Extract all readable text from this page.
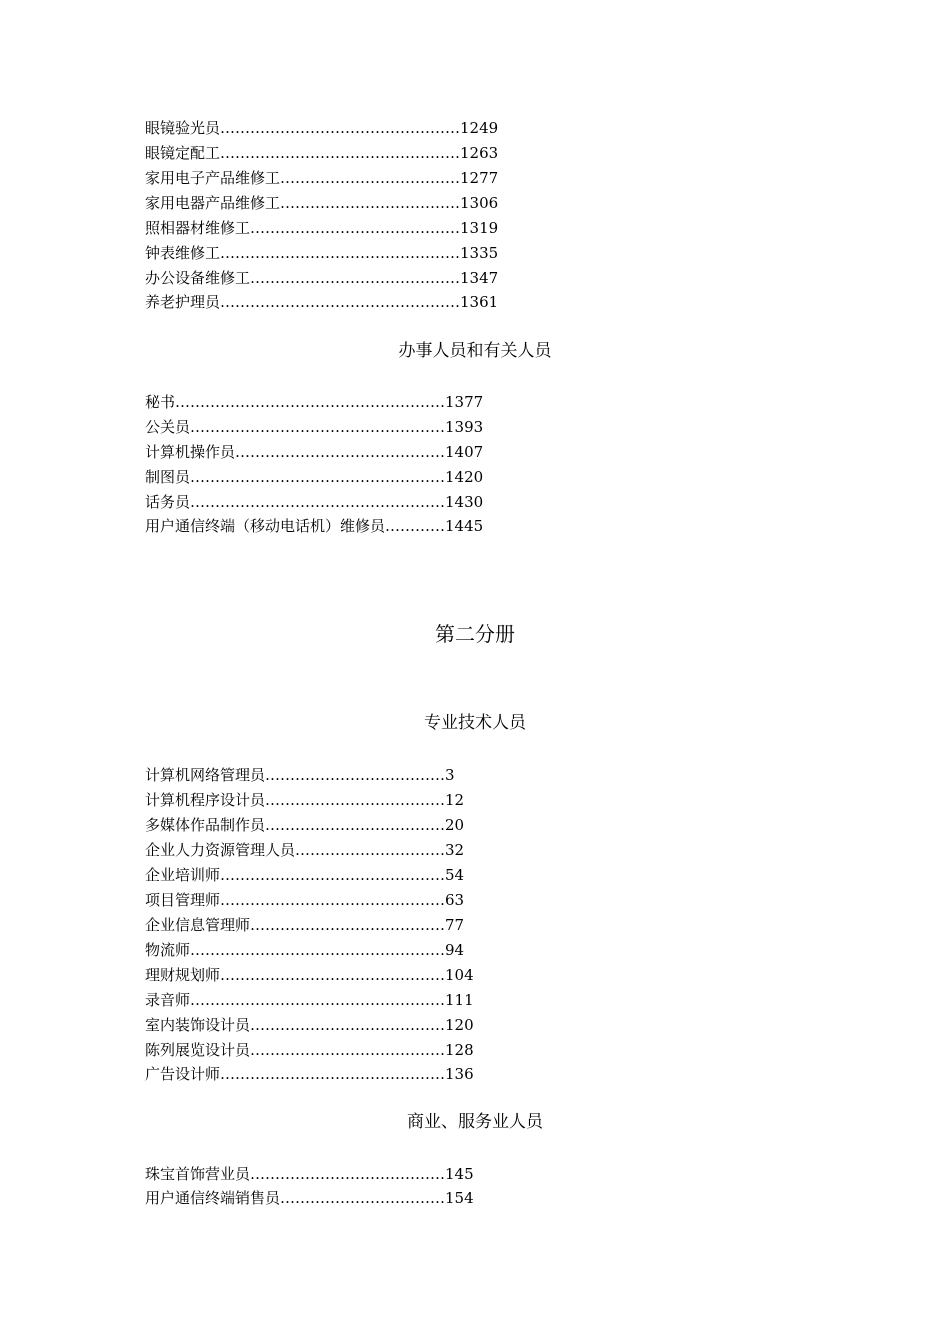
眼镜验光员…………………………………………1249
眼镜定配工…………………………………………1263
家用电子产品维修工………………………………1277
家用电器产品维修工………………………………1306
照相器材维修工……………………………………1319
钟表维修工…………………………………………1335
办公设备维修工……………………………………1347
养老护理员…………………………………………1361
办事人员和有关人员
秘书………………………………………………1377
公关员……………………………………………1393
计算机操作员……………………………………1407
制图员……………………………………………1420
话务员……………………………………………1430
用户通信终端（移动电话机）维修员…………1445
第二分册
专业技术人员
计算机网络管理员………………………………3
计算机程序设计员………………………………12
多媒体作品制作员………………………………20
企业人力资源管理人员…………………………32
企业培训师………………………………………54
项目管理师………………………………………63
企业信息管理师…………………………………77
物流师……………………………………………94
理财规划师………………………………………104
录音师……………………………………………111
室内装饰设计员…………………………………120
陈列展览设计员…………………………………128
广告设计师………………………………………136
商业、服务业人员
珠宝首饰营业员…………………………………145
用户通信终端销售员……………………………154
